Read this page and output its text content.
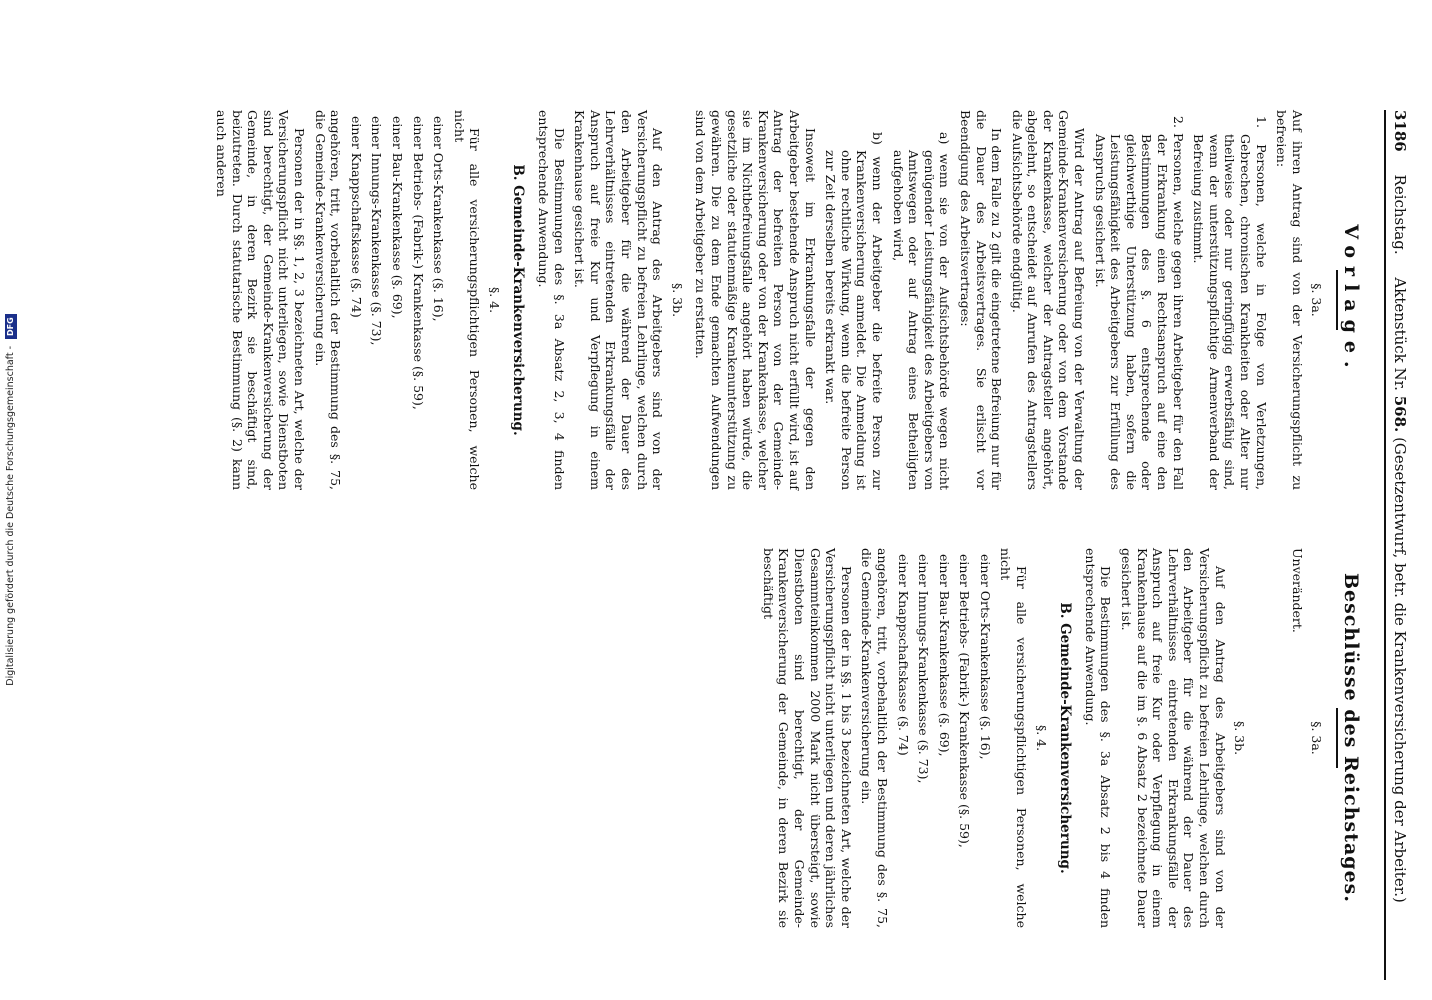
Digitalisierung gefördert durch die Deutsche Forschungsgemeinschaft - DFG
3186 Reichstag. Aktenstück Nr. 568. (Gesetzentwurf, betr. die Krankenversicherung der Arbeiter.)
Vorlage.
§. 3a.

Auf ihren Antrag sind von der Versicherungspflicht zu befreien:

1. Personen, welche in Folge von Verletzungen, Gebrechen, chronischen Krankheiten oder Alter nur theilweise oder nur geringfügig erwerbsfähig sind, wenn der unterstützungspflichtige Armenverband der Befreiung zustimmt.
2. Personen, welche gegen ihren Arbeitgeber für den Fall der Erkrankung einen Rechtsanspruch auf eine den Bestimmungen des §. 6 entsprechende oder gleichwerthige Unterstützung haben, sofern die Leistungsfähigkeit des Arbeitgebers zur Erfüllung des Anspruchs gesichert ist.

Wird der Antrag auf Befreiung von der Verwaltung der Gemeinde-Krankenversicherung oder von dem Vorstande der Krankenkasse, welcher der Antragsteller angehört, abgelehnt, so entscheidet auf Anrufen des Antragstellers die Aufsichtsbehörde endgültig.

In dem Falle zu 2 gilt die eingetretene Befreiung nur für die Dauer des Arbeitsvertrages. Sie erlischt vor Beendigung des Arbeitsvertrages:

a) wenn sie von der Aufsichtsbehörde wegen nicht genügender Leistungsfähigkeit des Arbeitgebers von Amtswegen oder auf Antrag eines Betheiligten aufgehoben wird,
b) wenn der Arbeitgeber die befreite Person zur Krankenversicherung anmeldet. Die Anmeldung ist ohne rechtliche Wirkung, wenn die befreite Person zur Zeit derselben bereits erkrankt war.

Insoweit im Erkrankungsfalle der gegen den Arbeitgeber bestehende Anspruch nicht erfüllt wird, ist auf Antrag der befreiten Person von der Gemeinde-Krankenversicherung oder von der Krankenkasse, welcher sie im Nichtbefreiungsfalle angehört haben würde, die gesetzliche oder statutenmäßige Krankenunterstützung zu gewähren. Die zu dem Ende gemachten Aufwendungen sind von dem Arbeitgeber zu erstatten.

§. 3b.

Auf den Antrag des Arbeitgebers sind von der Versicherungspflicht zu befreien Lehrlinge, welchen durch den Arbeitgeber für die während der Dauer des Lehrverhältnisses eintretenden Erkrankungsfälle der Anspruch auf freie Kur und Verpflegung in einem Krankenhause gesichert ist.

Die Bestimmungen des §. 3a Absatz 2, 3, 4 finden entsprechende Anwendung.

B. Gemeinde-Krankenversicherung.
§. 4.

Für alle versicherungspflichtigen Personen, welche nicht

einer Orts-Krankenkasse (§. 16),
einer Betriebs- (Fabrik-) Krankenkasse (§. 59),
einer Bau-Krankenkasse (§. 69),
einer Innungs-Krankenkasse (§. 73),
einer Knappschaftskasse (§. 74)

angehören, tritt, vorbehaltlich der Bestimmung des §. 75, die Gemeinde-Krankenversicherung ein.

Personen der in §§. 1, 2, 3 bezeichneten Art, welche der Versicherungspflicht nicht unterliegen, sowie Dienstboten sind berechtigt, der Gemeinde-Krankenversicherung der Gemeinde, in deren Bezirk sie beschäftigt sind, beizutreten. Durch statutarische Bestimmung (§. 2) kann auch anderen

Beschlüsse des Reichstages.
§. 3a.
Unverändert.
§. 3b.

Auf den Antrag des Arbeitgebers sind von der Versicherungspflicht zu befreien Lehrlinge, welchen durch den Arbeitgeber für die während der Dauer des Lehrverhältnisses eintretenden Erkrankungsfälle der Anspruch auf freie Kur oder Verpflegung in einem Krankenhause auf die im §. 6 Absatz 2 bezeichnete Dauer gesichert ist.

Die Bestimmungen des §. 3a Absatz 2 bis 4 finden entsprechende Anwendung.

B. Gemeinde-Krankenversicherung.
§. 4.

Für alle versicherungspflichtigen Personen, welche nicht

einer Orts-Krankenkasse (§. 16),
einer Betriebs- (Fabrik-) Krankenkasse (§. 59),
einer Bau-Krankenkasse (§. 69),
einer Innungs-Krankenkasse (§. 73),
einer Knappschaftskasse (§. 74)

angehören, tritt, vorbehaltlich der Bestimmung des §. 75, die Gemeinde-Krankenversicherung ein.

Personen der in §§. 1 bis 3 bezeichneten Art, welche der Versicherungspflicht nicht unterliegen und deren jährliches Gesammteinkommen 2000 Mark nicht übersteigt, sowie Dienstboten sind berechtigt, der Gemeinde-Krankenversicherung der Gemeinde, in deren Bezirk sie beschäftigt
